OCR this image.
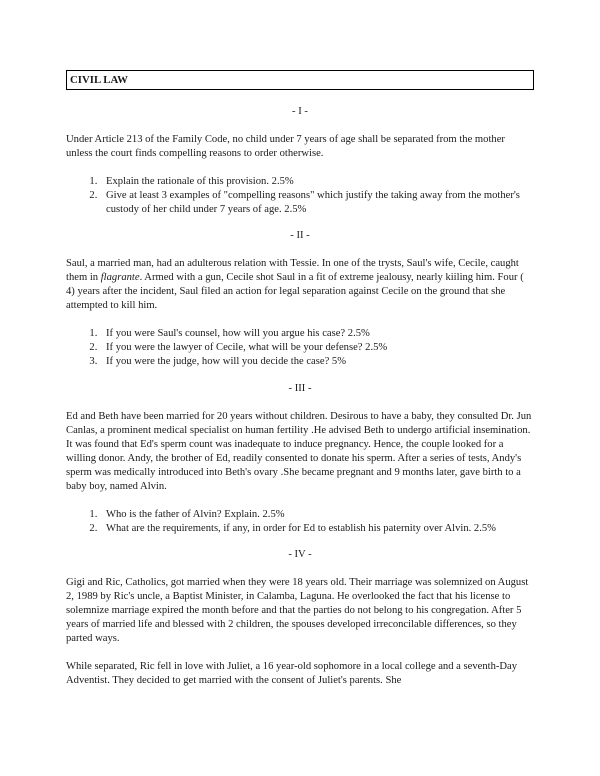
CIVIL LAW
- I -

Under Article 213 of the Family Code, no child under 7 years of age shall be separated from the mother unless the court finds compelling reasons to order otherwise.

1. Explain the rationale of this provision. 2.5%
2. Give at least 3 examples of "compelling reasons" which justify the taking away from the mother's custody of her child under 7 years of age. 2.5%
- II -

Saul, a married man, had an adulterous relation with Tessie. In one of the trysts, Saul's wife, Cecile, caught them in flagrante. Armed with a gun, Cecile shot Saul in a fit of extreme jealousy, nearly kiiling him. Four ( 4) years after the incident, Saul filed an action for legal separation against Cecile on the ground that she attempted to kill him.

1. If you were Saul's counsel, how will you argue his case? 2.5%
2. If you were the lawyer of Cecile, what will be your defense? 2.5%
3. If you were the judge, how will you decide the case? 5%
- III -

Ed and Beth have been married for 20 years without children. Desirous to have a baby, they consulted Dr. Jun Canlas, a prominent medical specialist on human fertility .He advised Beth to undergo artificial insemination. It was found that Ed's sperm count was inadequate to induce pregnancy. Hence, the couple looked for a willing donor. Andy, the brother of Ed, readily consented to donate his sperm. After a series of tests, Andy's sperm was medically introduced into Beth's ovary .She became pregnant and 9 months later, gave birth to a baby boy, named Alvin.

1. Who is the father of Alvin? Explain. 2.5%
2. What are the requirements, if any, in order for Ed to establish his paternity over Alvin. 2.5%
- IV -

Gigi and Ric, Catholics, got married when they were 18 years old. Their marriage was solemnized on August 2, 1989 by Ric's uncle, a Baptist Minister, in Calamba, Laguna. He overlooked the fact that his license to solemnize marriage expired the month before and that the parties do not belong to his congregation. After 5 years of married life and blessed with 2 children, the spouses developed irreconcilable differences, so they parted ways.

While separated, Ric fell in love with Juliet, a 16 year-old sophomore in a local college and a seventh-Day Adventist. They decided to get married with the consent of Juliet's parents. She
